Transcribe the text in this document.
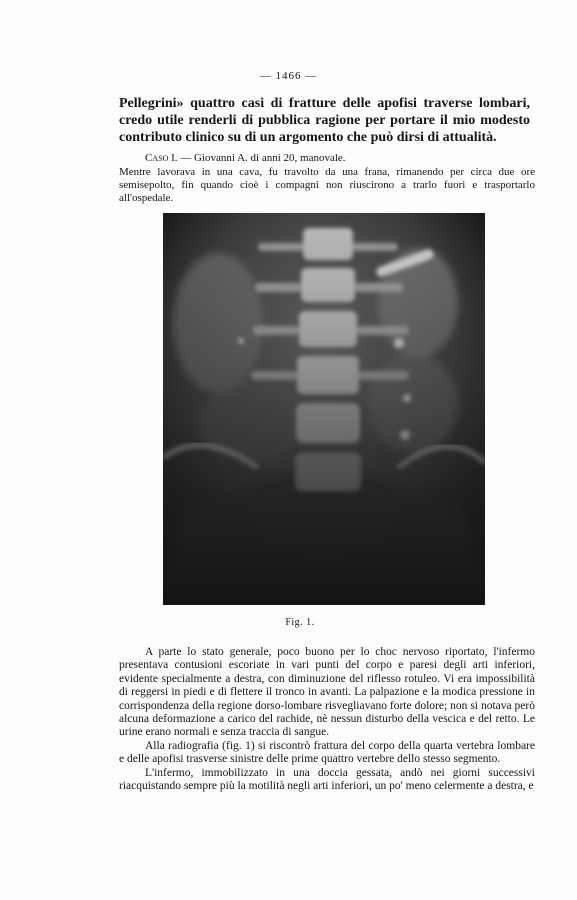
— 1466 —

Pellegrini» quattro casi di fratture delle apofisi traverse lombari, credo utile renderli di pubblica ragione per portare il mio modesto contributo clinico su di un argomento che può dirsi di attualità.

Caso I. — Giovanni A. di anni 20, manovale.

Mentre lavorava in una cava, fu travolto da una frana, rimanendo per circa due ore semisepolto, fin quando cioè i compagni non riuscirono a trarlo fuori e trasportarlo all'ospedale.

Fig. 1.

A parte lo stato generale, poco buono per lo choc nervoso riportato, l'infermo presentava contusioni escoriate in vari punti del corpo e paresi degli arti inferiori, evidente specialmente a destra, con diminuzione del riflesso rotuleo. Vi era impossibilità di reggersi in piedi e di flettere il tronco in avanti. La palpazione e la modica pressione in corrispondenza della regione dorso-lombare risvegliavano forte dolore; non si notava però alcuna deformazione a carico del rachide, nè nessun disturbo della vescica e del retto. Le urine erano normali e senza traccia di sangue.

Alla radiografia (fig. 1) si riscontrò frattura del corpo della quarta vertebra lombare e delle apofisi trasverse sinistre delle prime quattro vertebre dello stesso segmento.

L'infermo, immobilizzato in una doccia gessata, andò nei giorni successivi riacquistando sempre più la motilità negli arti inferiori, un po' meno celermente a destra, e
